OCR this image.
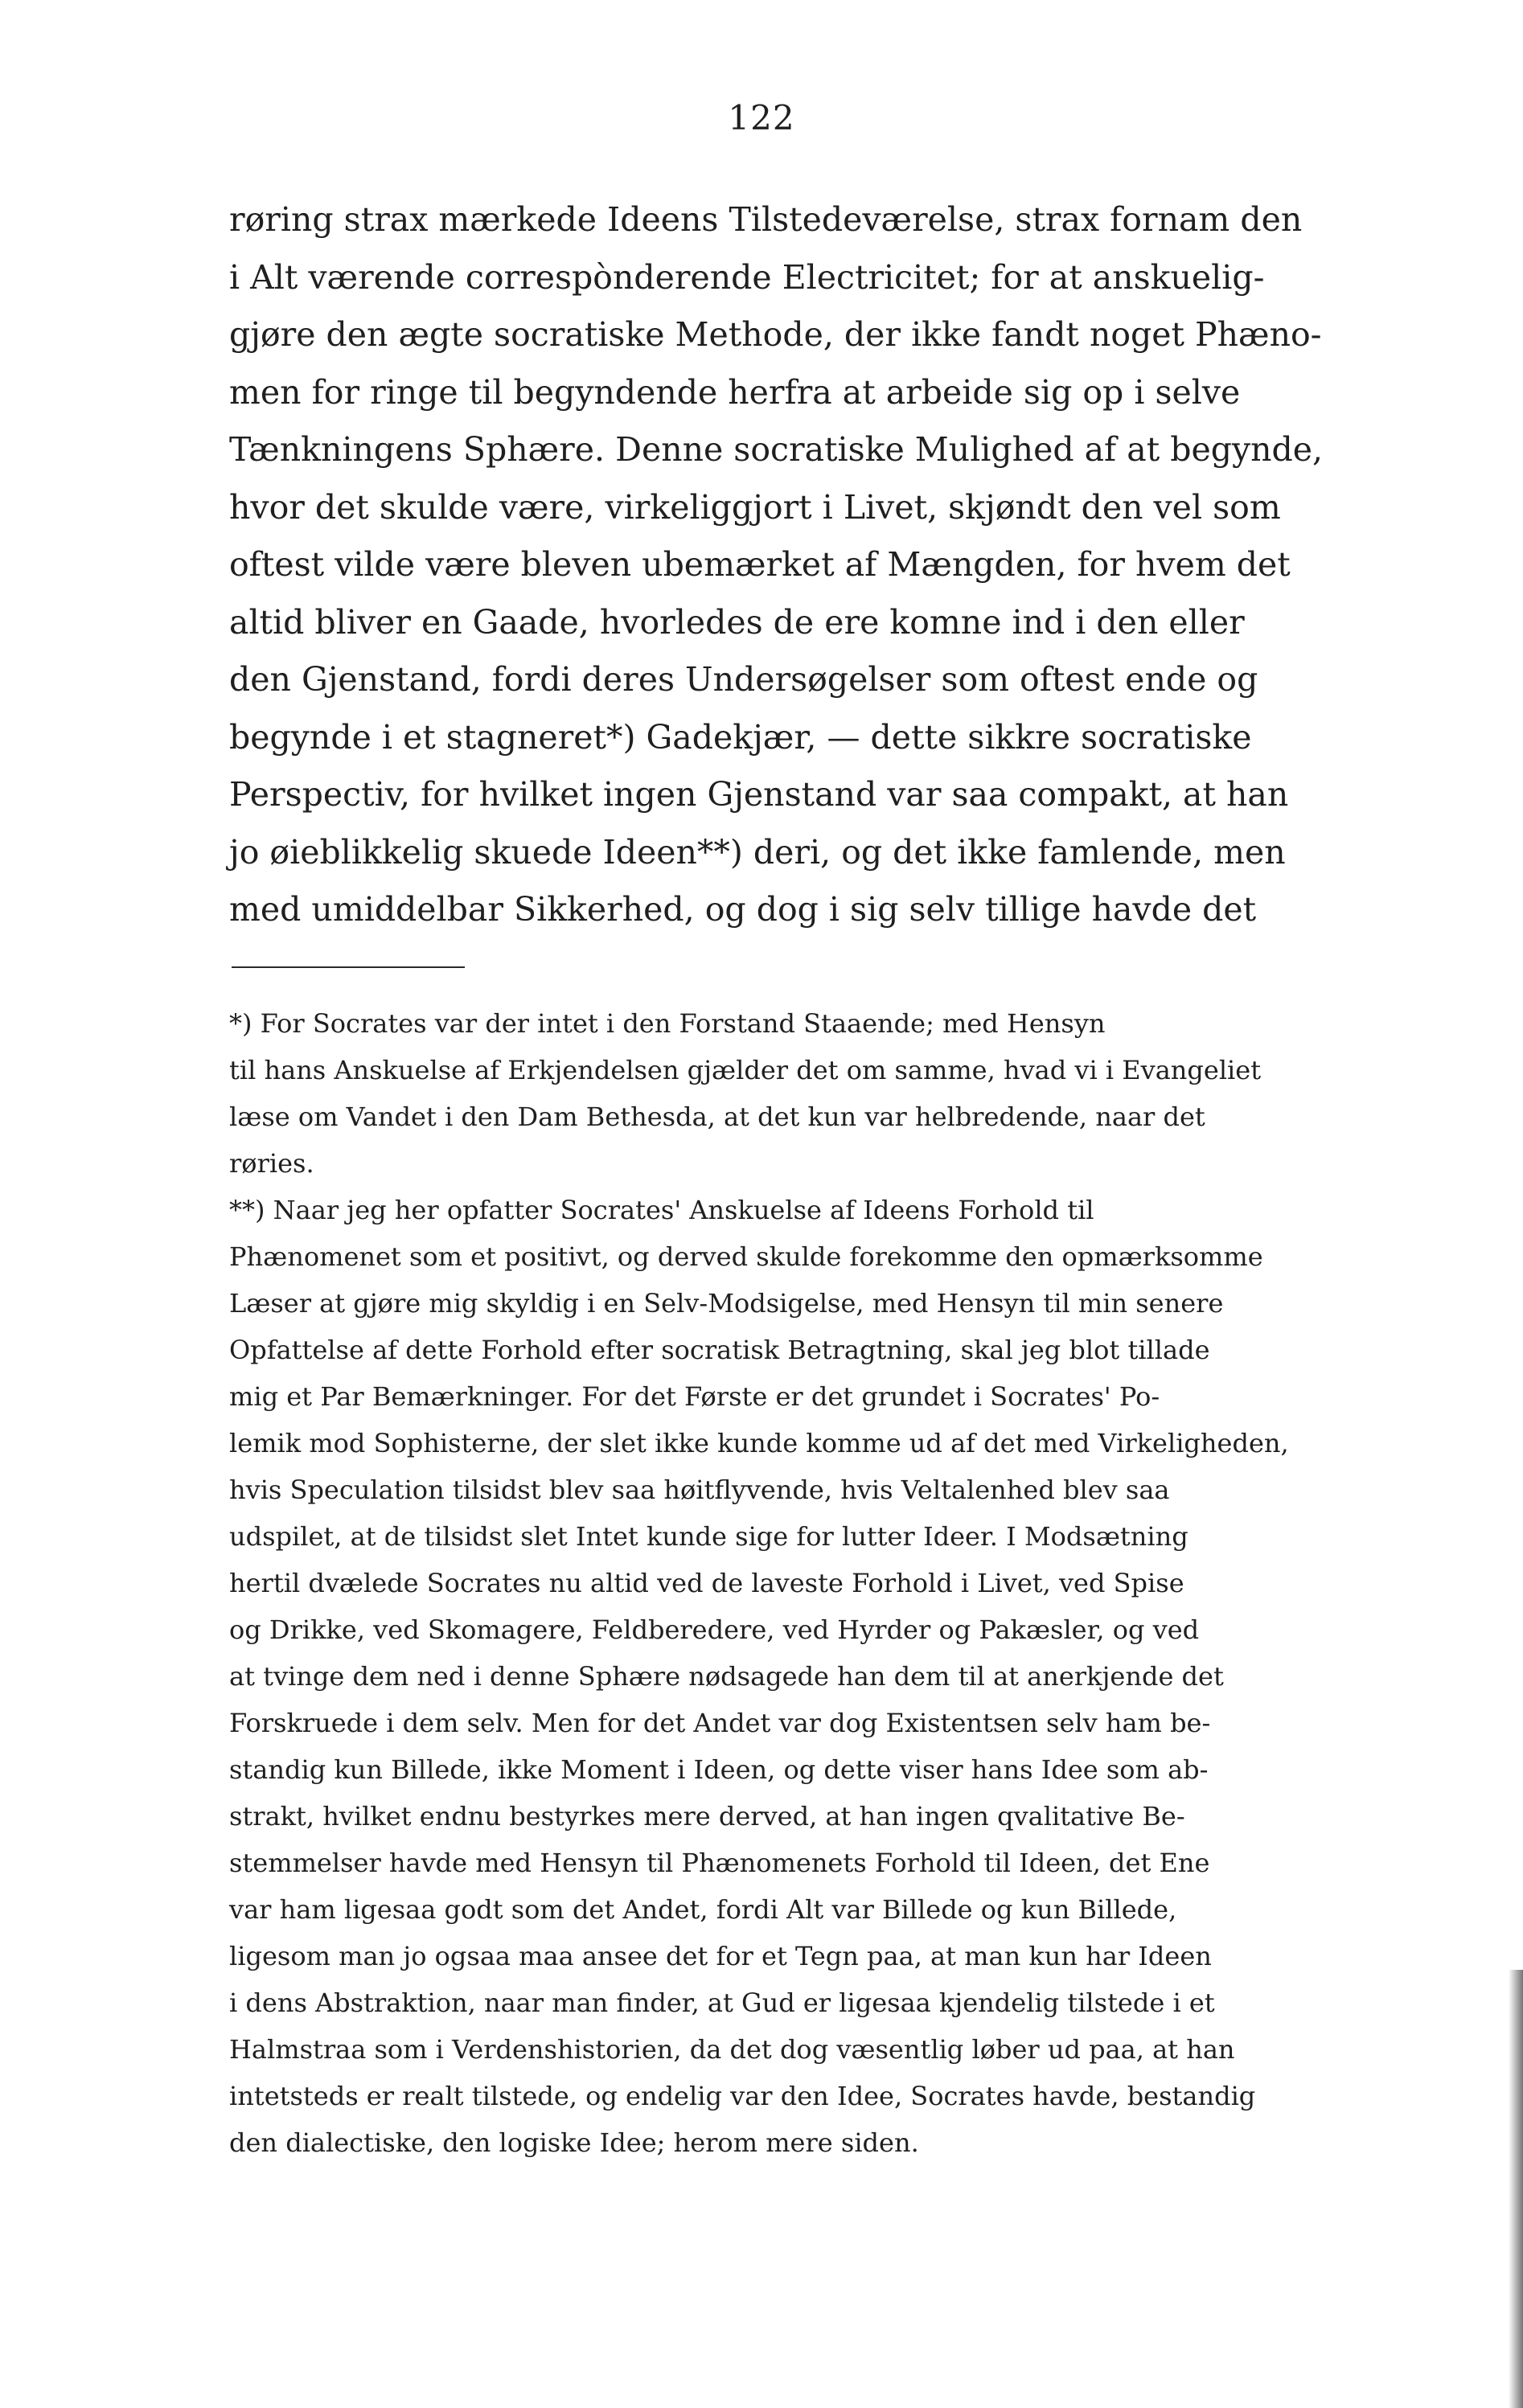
122
røring strax mærkede Ideens Tilstedeværelse, strax fornam den
i Alt værende correspònderende Electricitet; for at anskuelig-
gjøre den ægte socratiske Methode, der ikke fandt noget Phæno-
men for ringe til begyndende herfra at arbeide sig op i selve
Tænkningens Sphære. Denne socratiske Mulighed af at begynde,
hvor det skulde være, virkeliggjort i Livet, skjøndt den vel som
oftest vilde være bleven ubemærket af Mængden, for hvem det
altid bliver en Gaade, hvorledes de ere komne ind i den eller
den Gjenstand, fordi deres Undersøgelser som oftest ende og
begynde i et stagneret*) Gadekjær, — dette sikkre socratiske
Perspectiv, for hvilket ingen Gjenstand var saa compakt, at han
jo øieblikkelig skuede Ideen**) deri, og det ikke famlende, men
med umiddelbar Sikkerhed, og dog i sig selv tillige havde det
*) For Socrates var der intet i den Forstand Staaende; med Hensyn
til hans Anskuelse af Erkjendelsen gjælder det om samme, hvad vi i Evangeliet
læse om Vandet i den Dam Bethesda, at det kun var helbredende, naar det
røries.
**) Naar jeg her opfatter Socrates' Anskuelse af Ideens Forhold til
Phænomenet som et positivt, og derved skulde forekomme den opmærksomme
Læser at gjøre mig skyldig i en Selv-Modsigelse, med Hensyn til min senere
Opfattelse af dette Forhold efter socratisk Betragtning, skal jeg blot tillade
mig et Par Bemærkninger. For det Første er det grundet i Socrates' Po-
lemik mod Sophisterne, der slet ikke kunde komme ud af det med Virkeligheden,
hvis Speculation tilsidst blev saa høitflyvende, hvis Veltalenhed blev saa
udspilet, at de tilsidst slet Intet kunde sige for lutter Ideer. I Modsætning
hertil dvælede Socrates nu altid ved de laveste Forhold i Livet, ved Spise
og Drikke, ved Skomagere, Feldberedere, ved Hyrder og Pakæsler, og ved
at tvinge dem ned i denne Sphære nødsagede han dem til at anerkjende det
Forskruede i dem selv. Men for det Andet var dog Existentsen selv ham be-
standig kun Billede, ikke Moment i Ideen, og dette viser hans Idee som ab-
strakt, hvilket endnu bestyrkes mere derved, at han ingen qvalitative Be-
stemmelser havde med Hensyn til Phænomenets Forhold til Ideen, det Ene
var ham ligesaa godt som det Andet, fordi Alt var Billede og kun Billede,
ligesom man jo ogsaa maa ansee det for et Tegn paa, at man kun har Ideen
i dens Abstraktion, naar man finder, at Gud er ligesaa kjendelig tilstede i et
Halmstraa som i Verdenshistorien, da det dog væsentlig løber ud paa, at han
intetsteds er realt tilstede, og endelig var den Idee, Socrates havde, bestandig
den dialectiske, den logiske Idee; herom mere siden.
